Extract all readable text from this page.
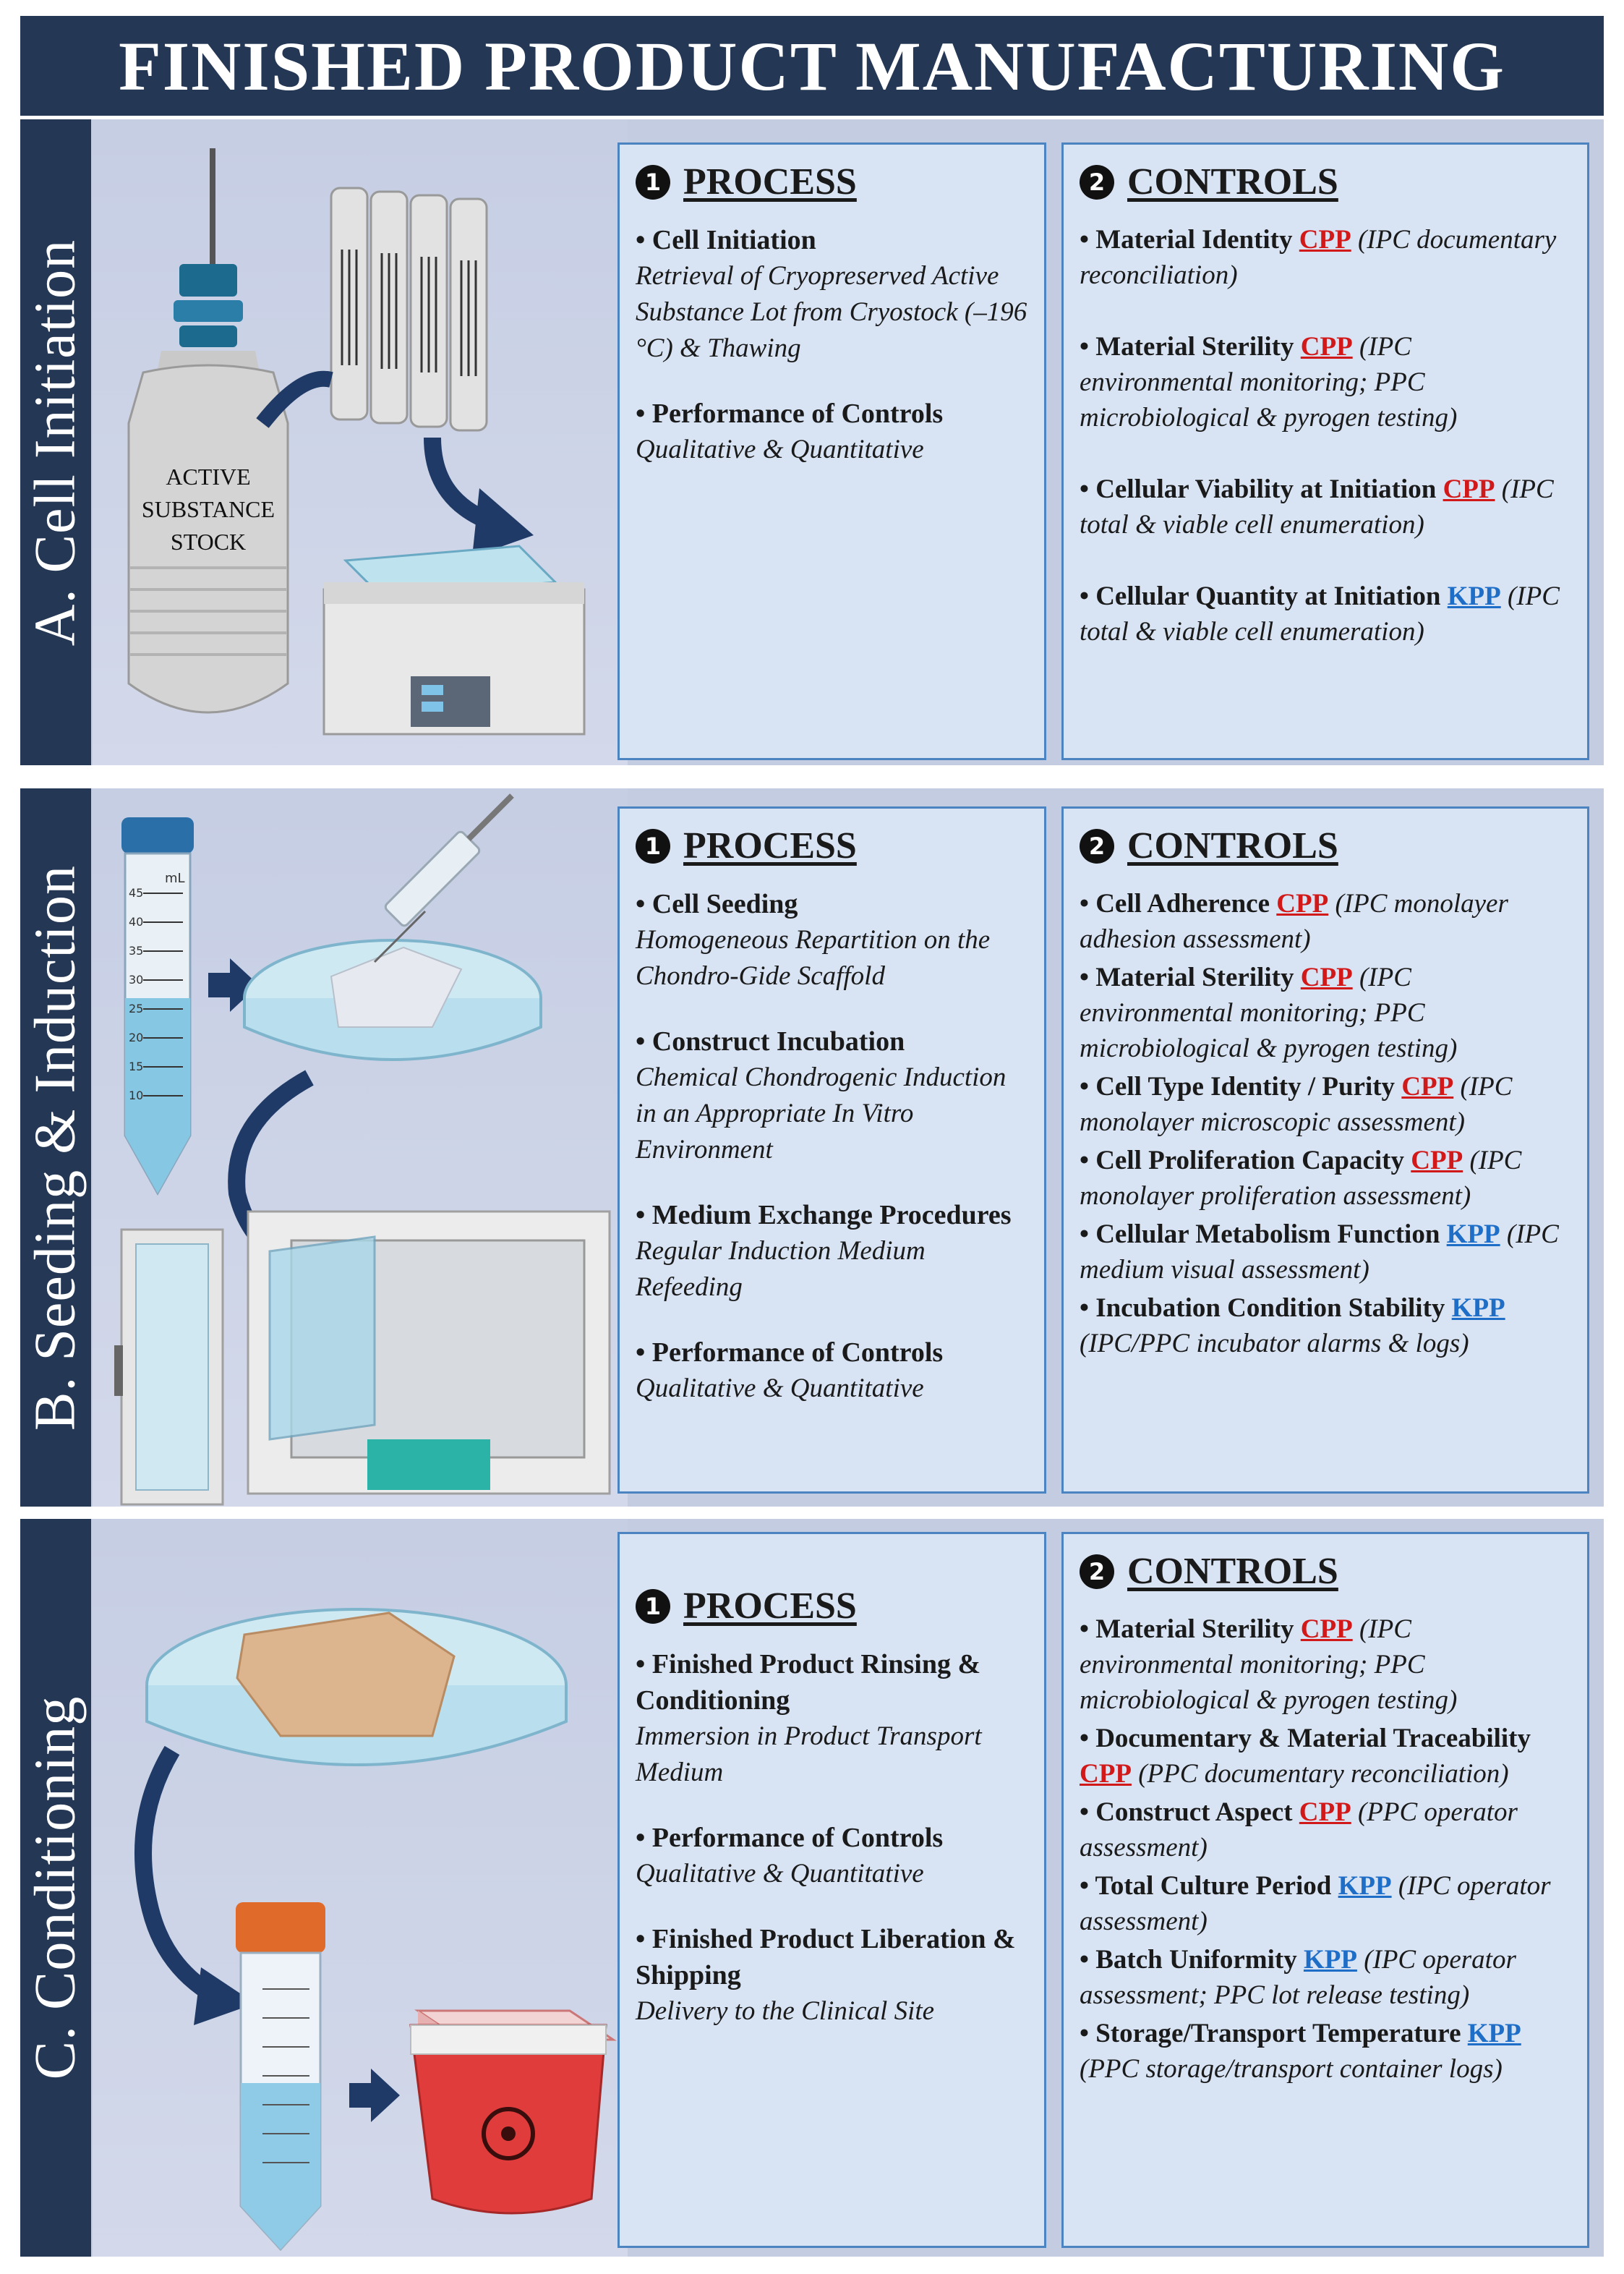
FINISHED PRODUCT MANUFACTURING
A. Cell Initiation	ACTIVE
SUBSTANCE
STOCK
1 PROCESS
• Cell Initiation
Retrieval of Cryopreserved Active Substance Lot from Cryostock (–196 °C) & Thawing
• Performance of Controls
Qualitative & Quantitative
2 CONTROLS
• Material Identity CPP (IPC documentary reconciliation)
• Material Sterility CPP (IPC environmental monitoring; PPC microbiological & pyrogen testing)
• Cellular Viability at Initiation CPP (IPC total & viable cell enumeration)
• Cellular Quantity at Initiation KPP (IPC total & viable cell enumeration)
B. Seeding & Induction	mL
45
40
35
30
25
20
15
10
1 PROCESS
• Cell Seeding
Homogeneous Repartition on the Chondro-Gide Scaffold
• Construct Incubation
Chemical Chondrogenic Induction in an Appropriate In Vitro Environment
• Medium Exchange Procedures
Regular Induction Medium Refeeding
• Performance of Controls
Qualitative & Quantitative
2 CONTROLS
• Cell Adherence CPP (IPC monolayer adhesion assessment)
• Material Sterility CPP (IPC environmental monitoring; PPC microbiological & pyrogen testing)
• Cell Type Identity / Purity CPP (IPC monolayer microscopic assessment)
• Cell Proliferation Capacity CPP (IPC monolayer proliferation assessment)
• Cellular Metabolism Function KPP (IPC medium visual assessment)
• Incubation Condition Stability KPP (IPC/PPC incubator alarms & logs)
C. Conditioning
1 PROCESS
• Finished Product Rinsing & Conditioning
Immersion in Product Transport Medium
• Performance of Controls
Qualitative & Quantitative
• Finished Product Liberation & Shipping
Delivery to the Clinical Site
2 CONTROLS
• Material Sterility CPP (IPC environmental monitoring; PPC microbiological & pyrogen testing)
• Documentary & Material Traceability CPP (PPC documentary reconciliation)
• Construct Aspect CPP (PPC operator assessment)
• Total Culture Period KPP (IPC operator assessment)
• Batch Uniformity KPP (IPC operator assessment; PPC lot release testing)
• Storage/Transport Temperature KPP (PPC storage/transport container logs)
